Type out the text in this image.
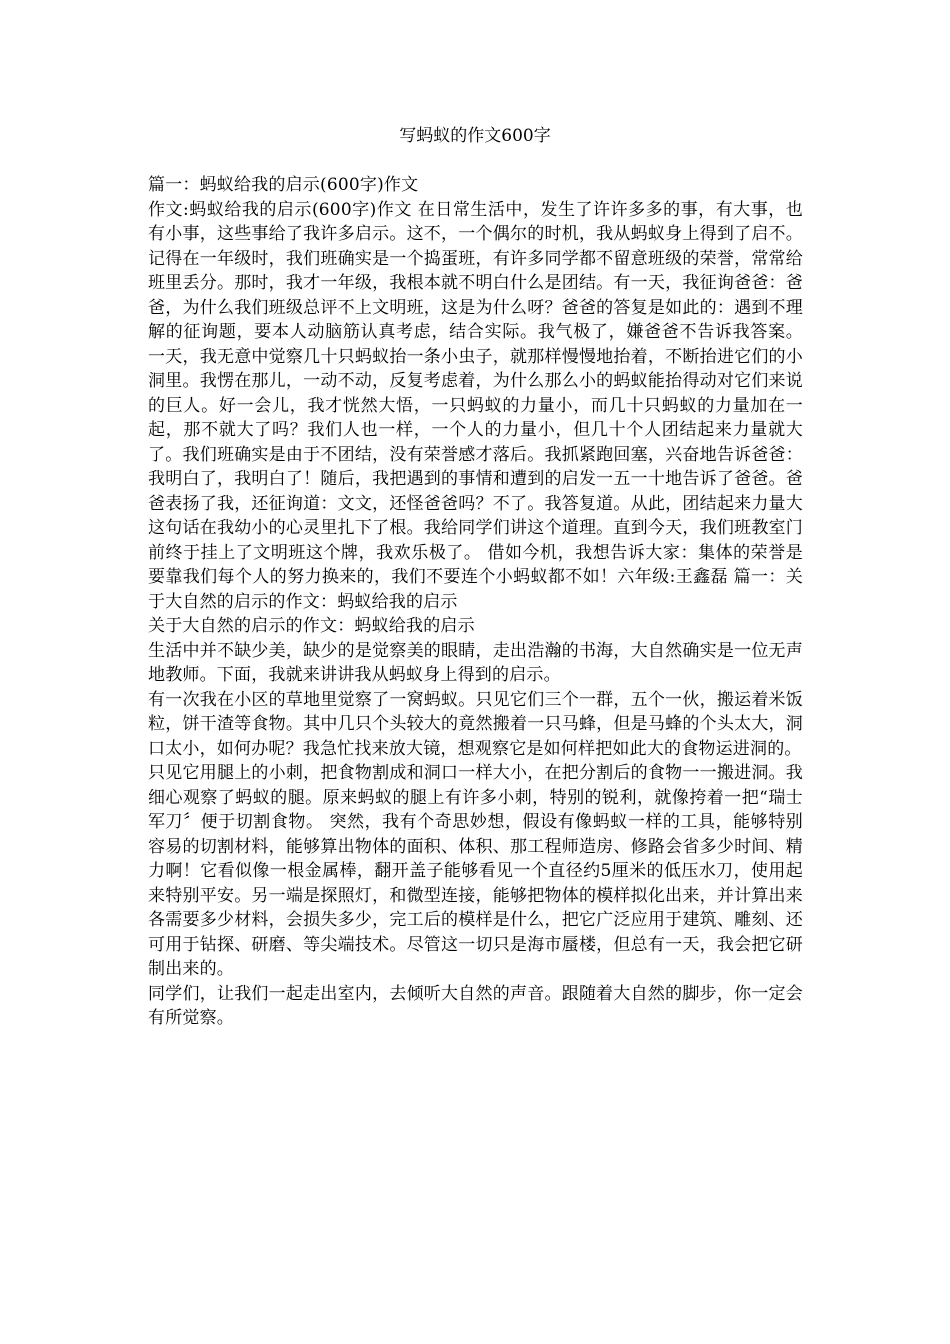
写蚂蚁的作文600字

篇一：蚂蚁给我的启示(600字)作文

作文:蚂蚁给我的启示(600字)作文 在日常生活中，发生了许许多多的事，有大事，也有小事，这些事给了我许多启示。这不，一个偶尔的时机，我从蚂蚁身上得到了启不。 记得在一年级时，我们班确实是一个捣蛋班，有许多同学都不留意班级的荣誉，常常给班里丢分。那时，我才一年级，我根本就不明白什么是团结。有一天，我征询爸爸：爸爸，为什么我们班级总评不上文明班，这是为什么呀？爸爸的答复是如此的：遇到不理解的征询题，要本人动脑筋认真考虑，结合实际。我气极了，嫌爸爸不告诉我答案。 一天，我无意中觉察几十只蚂蚁抬一条小虫子，就那样慢慢地抬着，不断抬进它们的小洞里。我愣在那儿，一动不动，反复考虑着，为什么那么小的蚂蚁能抬得动对它们来说的巨人。好一会儿，我才恍然大悟，一只蚂蚁的力量小，而几十只蚂蚁的力量加在一起，那不就大了吗？我们人也一样，一个人的力量小，但几十个人团结起来力量就大了。我们班确实是由于不团结，没有荣誉感才落后。我抓紧跑回塞，兴奋地告诉爸爸：我明白了，我明白了！随后，我把遇到的事情和遭到的启发一五一十地告诉了爸爸。爸爸表扬了我，还征询道：文文，还怪爸爸吗？不了。我答复道。从此，团结起来力量大这句话在我幼小的心灵里扎下了根。我给同学们讲这个道理。直到今天，我们班教室门前终于挂上了文明班这个牌，我欢乐极了。 借如今机，我想告诉大家：集体的荣誉是要靠我们每个人的努力换来的，我们不要连个小蚂蚁都不如！六年级:王鑫磊 篇一：关于大自然的启示的作文：蚂蚁给我的启示

关于大自然的启示的作文：蚂蚁给我的启示

生活中并不缺少美，缺少的是觉察美的眼睛，走出浩瀚的书海，大自然确实是一位无声地教师。下面，我就来讲讲我从蚂蚁身上得到的启示。

有一次我在小区的草地里觉察了一窝蚂蚁。只见它们三个一群，五个一伙，搬运着米饭粒，饼干渣等食物。其中几只个头较大的竟然搬着一只马蜂，但是马蜂的个头太大，洞口太小，如何办呢？我急忙找来放大镜，想观察它是如何样把如此大的食物运进洞的。

只见它用腿上的小刺，把食物割成和洞口一样大小，在把分割后的食物一一搬进洞。我细心观察了蚂蚁的腿。原来蚂蚁的腿上有许多小刺，特别的锐利，就像挎着一把“瑞士军刀〞便于切割食物。 突然，我有个奇思妙想，假设有像蚂蚁一样的工具，能够特别容易的切割材料，能够算出物体的面积、体积、那工程师造房、修路会省多少时间、精力啊！它看似像一根金属棒，翻开盖子能够看见一个直径约5厘米的低压水刀，使用起来特别平安。另一端是探照灯，和微型连接，能够把物体的模样拟化出来，并计算出来各需要多少材料，会损失多少，完工后的模样是什么，把它广泛应用于建筑、雕刻、还可用于钻探、研磨、等尖端技术。尽管这一切只是海市蜃楼，但总有一天，我会把它研制出来的。

同学们，让我们一起走出室内，去倾听大自然的声音。跟随着大自然的脚步，你一定会有所觉察。
